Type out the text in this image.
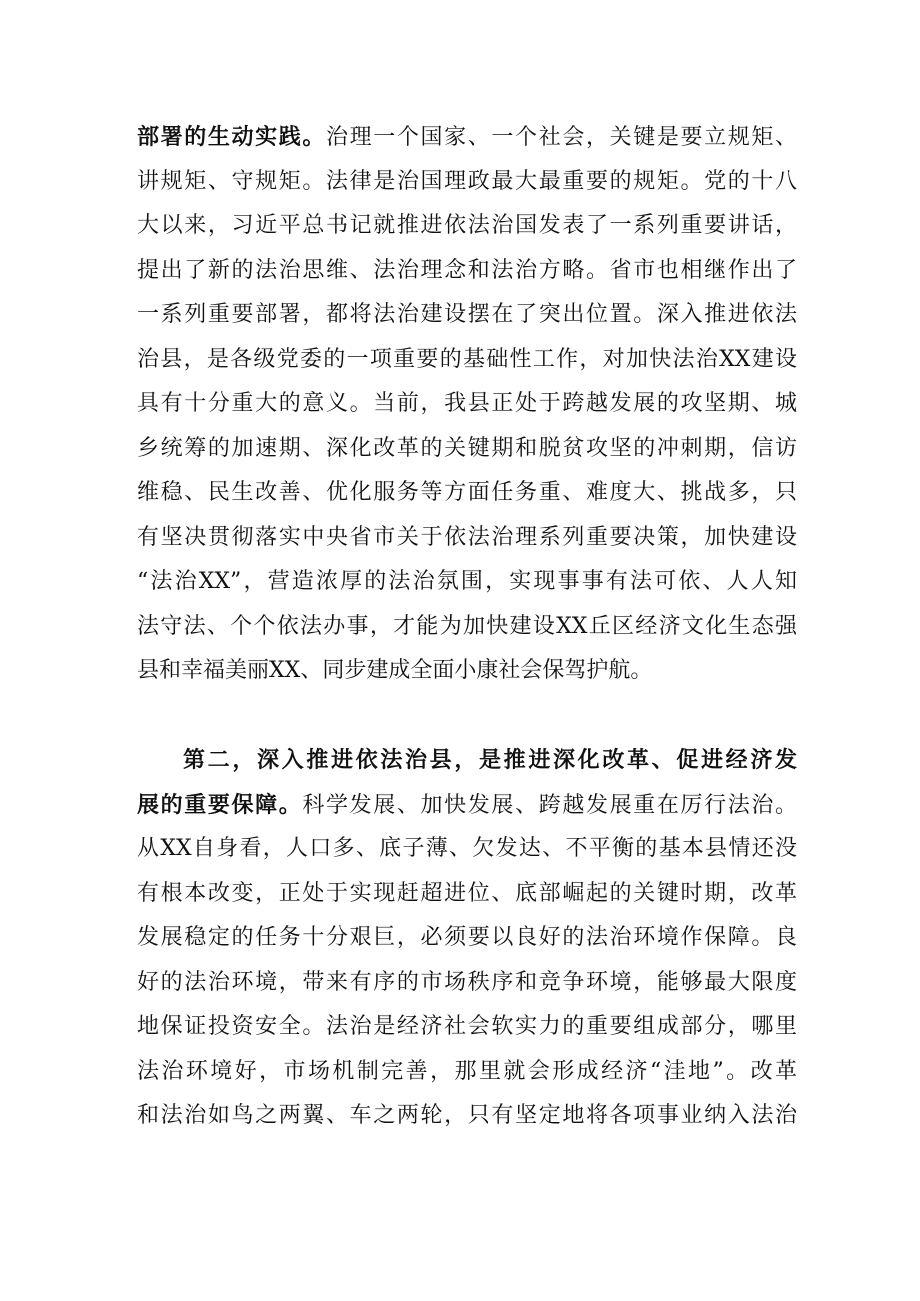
部署的生动实践。治理一个国家、一个社会，关键是要立规矩、
讲规矩、守规矩。法律是治国理政最大最重要的规矩。党的十八
大以来，习近平总书记就推进依法治国发表了一系列重要讲话，
提出了新的法治思维、法治理念和法治方略。省市也相继作出了
一系列重要部署，都将法治建设摆在了突出位置。深入推进依法
治县，是各级党委的一项重要的基础性工作，对加快法治XX建设
具有十分重大的意义。当前，我县正处于跨越发展的攻坚期、城
乡统筹的加速期、深化改革的关键期和脱贫攻坚的冲刺期，信访
维稳、民生改善、优化服务等方面任务重、难度大、挑战多，只
有坚决贯彻落实中央省市关于依法治理系列重要决策，加快建设
“法治XX”，营造浓厚的法治氛围，实现事事有法可依、人人知
法守法、个个依法办事，才能为加快建设XX丘区经济文化生态强
县和幸福美丽XX、同步建成全面小康社会保驾护航。
第二，深入推进依法治县，是推进深化改革、促进经济发
展的重要保障。科学发展、加快发展、跨越发展重在厉行法治。
从XX自身看，人口多、底子薄、欠发达、不平衡的基本县情还没
有根本改变，正处于实现赶超进位、底部崛起的关键时期，改革
发展稳定的任务十分艰巨，必须要以良好的法治环境作保障。良
好的法治环境，带来有序的市场秩序和竞争环境，能够最大限度
地保证投资安全。法治是经济社会软实力的重要组成部分，哪里
法治环境好，市场机制完善，那里就会形成经济“洼地”。改革
和法治如鸟之两翼、车之两轮，只有坚定地将各项事业纳入法治
